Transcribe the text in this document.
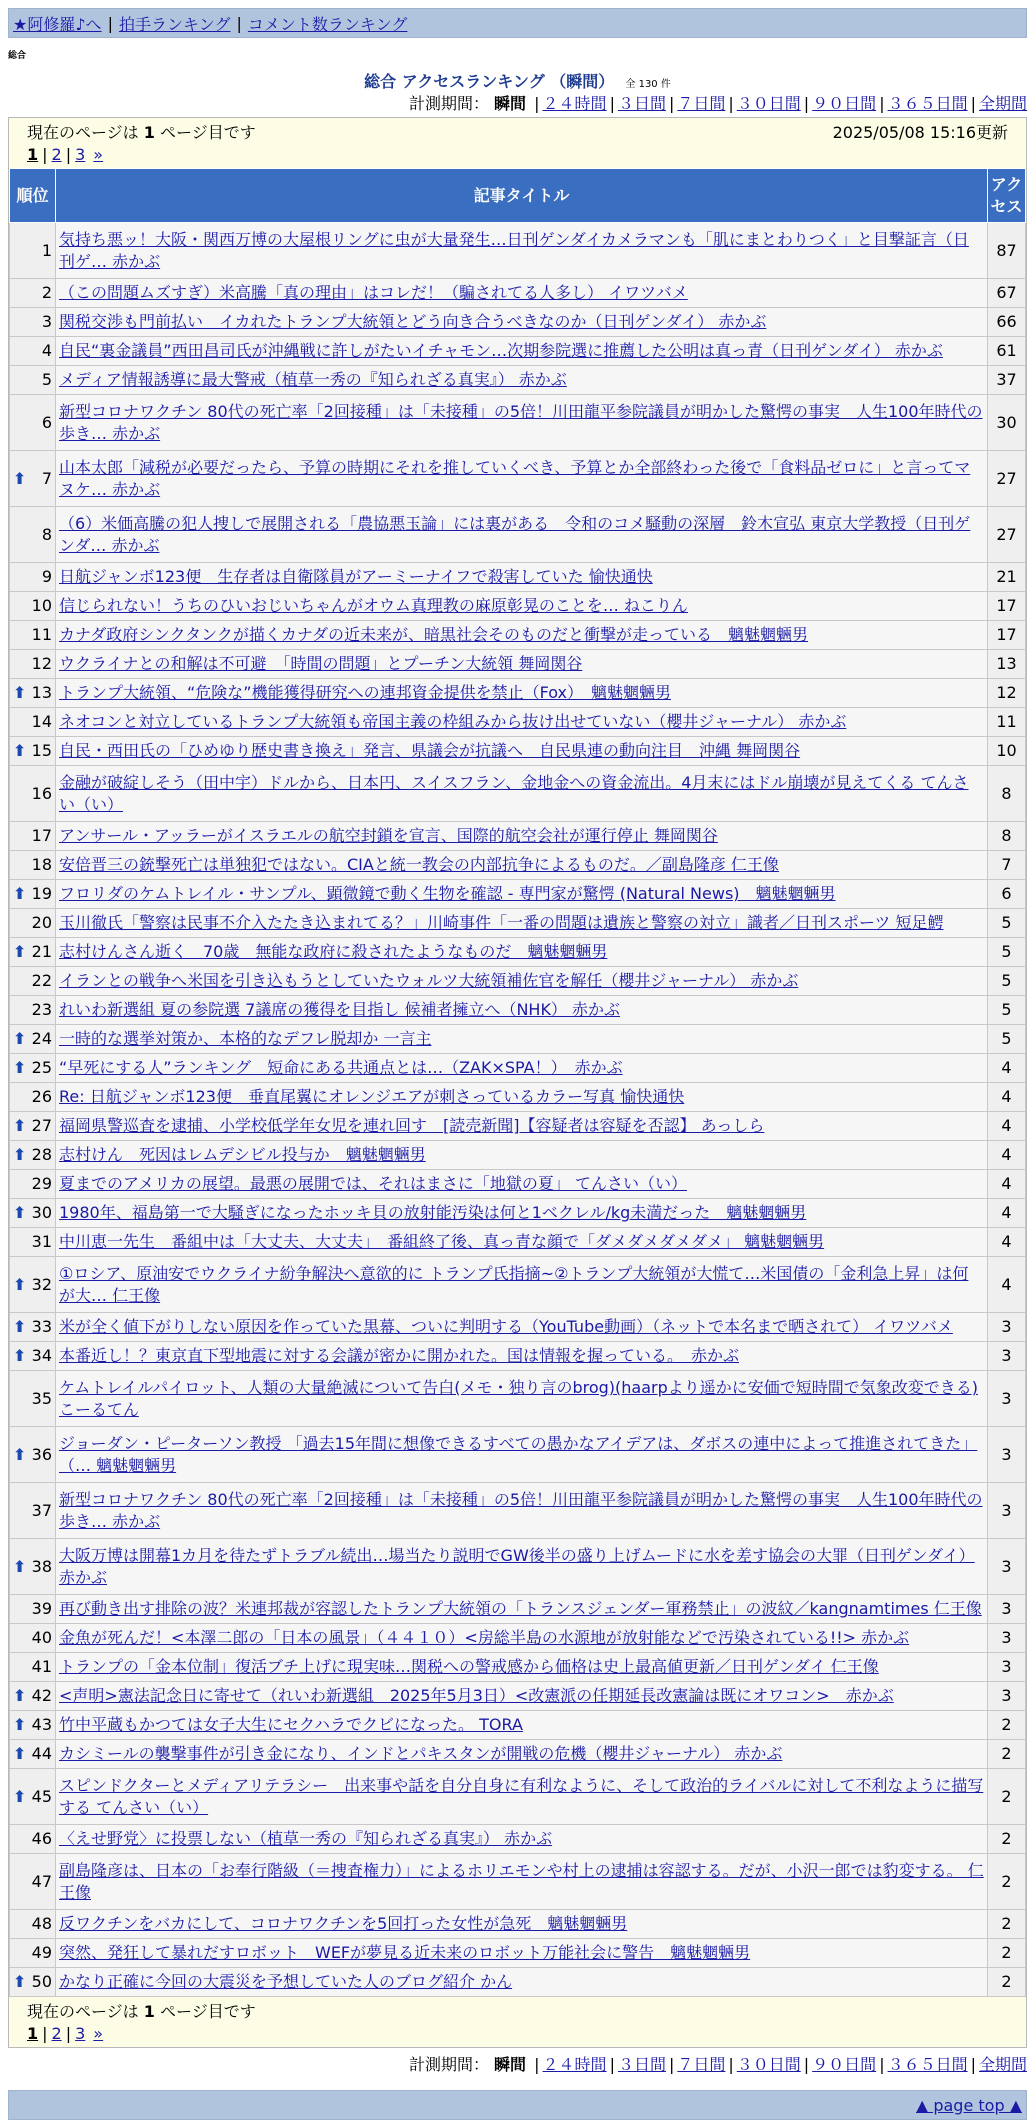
★阿修羅♪へ | 拍手ランキング | コメント数ランキング
総合
総合 アクセスランキング （瞬間） 全 130 件
計測期間： 瞬間 | ２４時間 | ３日間 | ７日間 | ３０日間 | ９０日間 | ３６５日間 | 全期間
現在のページは 1 ページ目です	2025/05/08 15:16更新
1 | 2 | 3 »
順位	記事タイトル	アクセス
1	気持ち悪ッ！大阪・関西万博の大屋根リングに虫が大量発生…日刊ゲンダイカメラマンも「肌にまとわりつく」と目撃証言（日刊ゲ… 赤かぶ	87
2	（この問題ムズすぎ）米高騰「真の理由」はコレだ！（騙されてる人多し） イワツバメ	67
3	関税交渉も門前払い　イカれたトランプ大統領とどう向き合うべきなのか（日刊ゲンダイ） 赤かぶ	66
4	自民“裏金議員”西田昌司氏が沖縄戦に許しがたいイチャモン…次期参院選に推薦した公明は真っ青（日刊ゲンダイ） 赤かぶ	61
5	メディア情報誘導に最大警戒（植草一秀の『知られざる真実』） 赤かぶ	37
6	新型コロナワクチン 80代の死亡率「2回接種」は「未接種」の5倍！川田龍平参院議員が明かした驚愕の事実　人生100年時代の歩き… 赤かぶ	30

⬆ 7	山本太郎「減税が必要だったら、予算の時期にそれを推していくべき、予算とか全部終わった後で「食料品ゼロに」と言ってマヌケ… 赤かぶ	27
8	（6）米価高騰の犯人捜しで展開される「農協悪玉論」には裏がある　令和のコメ騒動の深層　鈴木宣弘 東京大学教授（日刊ゲンダ… 赤かぶ	27
9	日航ジャンボ123便　生存者は自衛隊員がアーミーナイフで殺害していた 愉快通快	21
10	信じられない！うちのひいおじいちゃんがオウム真理教の麻原彰晃のことを… ねこりん	17
11	カナダ政府シンクタンクが描くカナダの近未来が、暗黒社会そのものだと衝撃が走っている　魑魅魍魎男	17
12	ウクライナとの和解は不可避　「時間の問題」とプーチン大統領 舞岡関谷	13

⬆ 13	トランプ大統領、“危険な”機能獲得研究への連邦資金提供を禁止（Fox）　魑魅魍魎男	12
14	ネオコンと対立しているトランプ大統領も帝国主義の枠組みから抜け出せていない（櫻井ジャーナル） 赤かぶ	11

⬆ 15	自民・西田氏の「ひめゆり歴史書き換え」発言、県議会が抗議へ　自民県連の動向注目　沖縄 舞岡関谷	10
16	金融が破綻しそう（田中宇）ドルから、日本円、スイスフラン、金地金への資金流出。4月末にはドル崩壊が見えてくる てんさい（い）	8
17	アンサール・アッラーがイスラエルの航空封鎖を宣言、国際的航空会社が運行停止 舞岡関谷	8
18	安倍晋三の銃撃死亡は単独犯ではない。CIAと統一教会の内部抗争によるものだ。／副島隆彦 仁王像	7

⬆ 19	フロリダのケムトレイル・サンプル、顕微鏡で動く生物を確認 - 専門家が驚愕 (Natural News)　魑魅魍魎男	6
20	玉川徹氏「警察は民事不介入たたき込まれてる？」川崎事件「一番の問題は遺族と警察の対立」識者／日刊スポーツ 短足鰐	5

⬆ 21	志村けんさん逝く　70歳　無能な政府に殺されたようなものだ　魑魅魍魎男	5
22	イランとの戦争へ米国を引き込もうとしていたウォルツ大統領補佐官を解任（櫻井ジャーナル） 赤かぶ	5
23	れいわ新選組 夏の参院選 7議席の獲得を目指し 候補者擁立へ（NHK） 赤かぶ	5

⬆ 24	一時的な選挙対策か、本格的なデフレ脱却か 一言主	5

⬆ 25	“早死にする人”ランキング　短命にある共通点とは…（ZAK×SPA！）　赤かぶ	4
26	Re: 日航ジャンボ123便　垂直尾翼にオレンジエアが刺さっているカラー写真 愉快通快	4

⬆ 27	福岡県警巡査を逮捕、小学校低学年女児を連れ回す　[読売新聞]【容疑者は容疑を否認】 あっしら	4

⬆ 28	志村けん　死因はレムデシビル投与か　魑魅魍魎男	4
29	夏までのアメリカの展望。最悪の展開では、それはまさに「地獄の夏」 てんさい（い）	4

⬆ 30	1980年、福島第一で大騒ぎになったホッキ貝の放射能汚染は何と1ベクレル/kg未満だった　魑魅魍魎男	4
31	中川恵一先生　番組中は「大丈夫、大丈夫」　番組終了後、真っ青な顔で「ダメダメダメダメ」 魑魅魍魎男	4

⬆ 32	①ロシア、原油安でウクライナ紛争解決へ意欲的に トランプ氏指摘~②トランプ大統領が大慌て…米国債の「金利急上昇」は何が大… 仁王像	4

⬆ 33	米が全く値下がりしない原因を作っていた黒幕、ついに判明する（YouTube動画）（ネットで本名まで晒されて） イワツバメ	3

⬆ 34	本番近し！？東京直下型地震に対する会議が密かに開かれた。国は情報を握っている。　赤かぶ	3
35	ケムトレイルパイロット、人類の大量絶滅について告白(メモ・独り言のbrog)(haarpより遥かに安価で短時間で気象改変できる) こーるてん	3

⬆ 36	ジョーダン・ピーターソン教授 「過去15年間に想像できるすべての愚かなアイデアは、ダボスの連中によって推進されてきた」（… 魑魅魍魎男	3
37	新型コロナワクチン 80代の死亡率「2回接種」は「未接種」の5倍！川田龍平参院議員が明かした驚愕の事実　人生100年時代の歩き… 赤かぶ	3

⬆ 38	大阪万博は開幕1カ月を待たずトラブル続出…場当たり説明でGW後半の盛り上げムードに水を差す協会の大罪（日刊ゲンダイ） 赤かぶ	3
39	再び動き出す排除の波？米連邦裁が容認したトランプ大統領の「トランスジェンダー軍務禁止」の波紋／kangnamtimes 仁王像	3
40	金魚が死んだ！<本澤二郎の「日本の風景」（４４１０）<房総半島の水源地が放射能などで汚染されている!!> 赤かぶ	3
41	トランプの「金本位制」復活ブチ上げに現実味…関税への警戒感から価格は史上最高値更新／日刊ゲンダイ 仁王像	3

⬆ 42	<声明>憲法記念日に寄せて（れいわ新選組　2025年5月3日）<改憲派の任期延長改憲論は既にオワコン>　赤かぶ	3

⬆ 43	竹中平蔵もかつては女子大生にセクハラでクビになった。 TORA	2

⬆ 44	カシミールの襲撃事件が引き金になり、インドとパキスタンが開戦の危機（櫻井ジャーナル） 赤かぶ	2

⬆ 45	スピンドクターとメディアリテラシー　出来事や話を自分自身に有利なように、そして政治的ライバルに対して不利なように描写する てんさい（い）	2
46	〈えせ野党〉に投票しない（植草一秀の『知られざる真実』） 赤かぶ	2
47	副島隆彦は、日本の「お奉行階級（＝捜査権力）」によるホリエモンや村上の逮捕は容認する。だが、小沢一郎では豹変する。 仁王像	2
48	反ワクチンをバカにして、コロナワクチンを5回打った女性が急死　魑魅魍魎男	2
49	突然、発狂して暴れだすロボット　WEFが夢見る近未来のロボット万能社会に警告　魑魅魍魎男	2

⬆ 50	かなり正確に今回の大震災を予想していた人のブログ紹介 かん	2
現在のページは 1 ページ目です
1 | 2 | 3 »
計測期間： 瞬間 | ２４時間 | ３日間 | ７日間 | ３０日間 | ９０日間 | ３６５日間 | 全期間
▲ page top ▲
